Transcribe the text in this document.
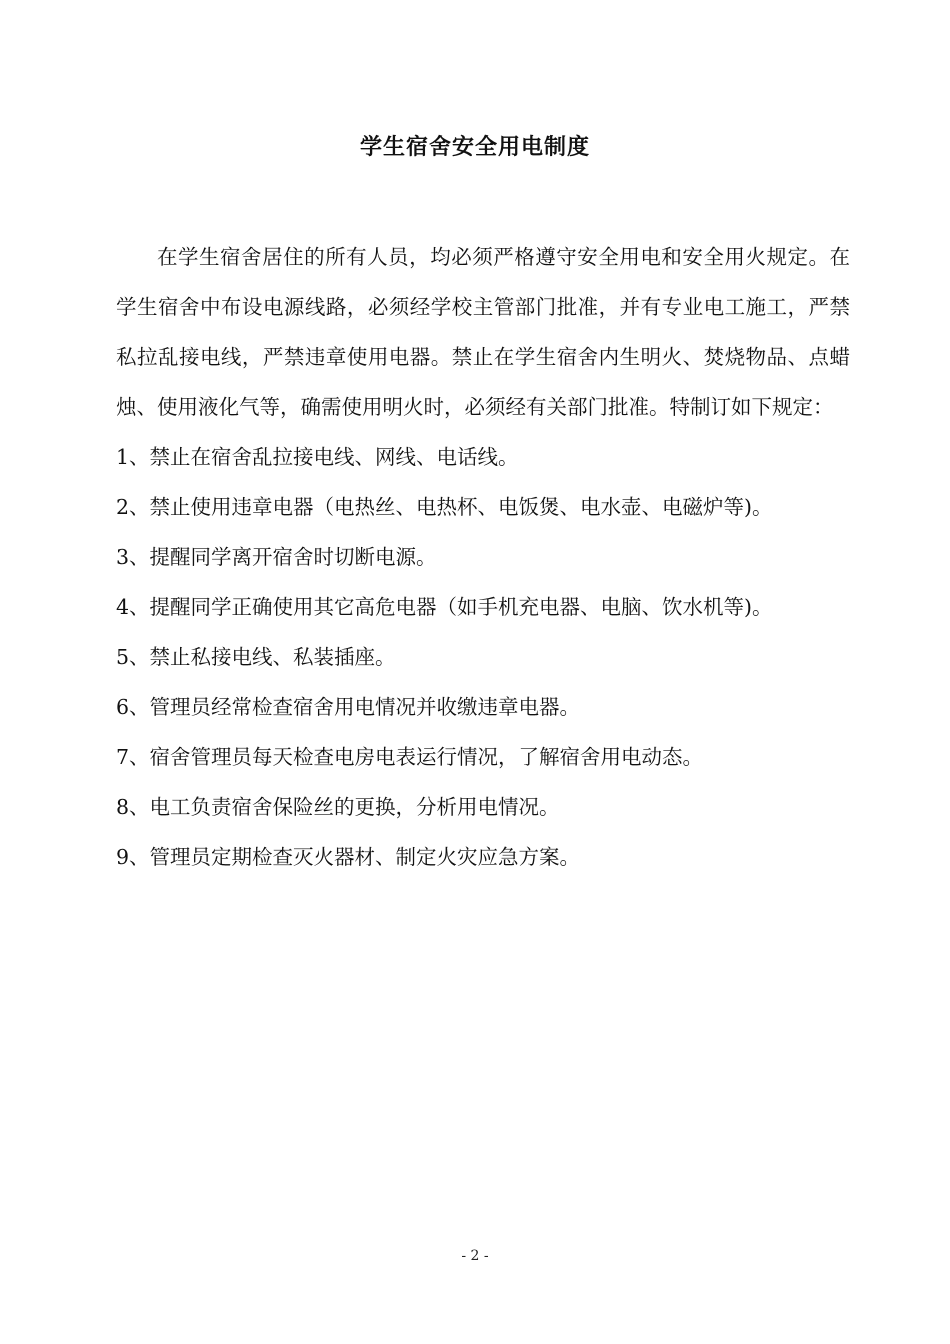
学生宿舍安全用电制度

在学生宿舍居住的所有人员，均必须严格遵守安全用电和安全用火规定。在学生宿舍中布设电源线路，必须经学校主管部门批准，并有专业电工施工，严禁私拉乱接电线，严禁违章使用电器。禁止在学生宿舍内生明火、焚烧物品、点蜡烛、使用液化气等，确需使用明火时，必须经有关部门批准。特制订如下规定：

1、禁止在宿舍乱拉接电线、网线、电话线。
2、禁止使用违章电器（电热丝、电热杯、电饭煲、电水壶、电磁炉等)。
3、提醒同学离开宿舍时切断电源。
4、提醒同学正确使用其它高危电器（如手机充电器、电脑、饮水机等)。
5、禁止私接电线、私装插座。
6、管理员经常检查宿舍用电情况并收缴违章电器。
7、宿舍管理员每天检查电房电表运行情况，了解宿舍用电动态。
8、电工负责宿舍保险丝的更换，分析用电情况。
9、管理员定期检查灭火器材、制定火灾应急方案。
- 2 -
